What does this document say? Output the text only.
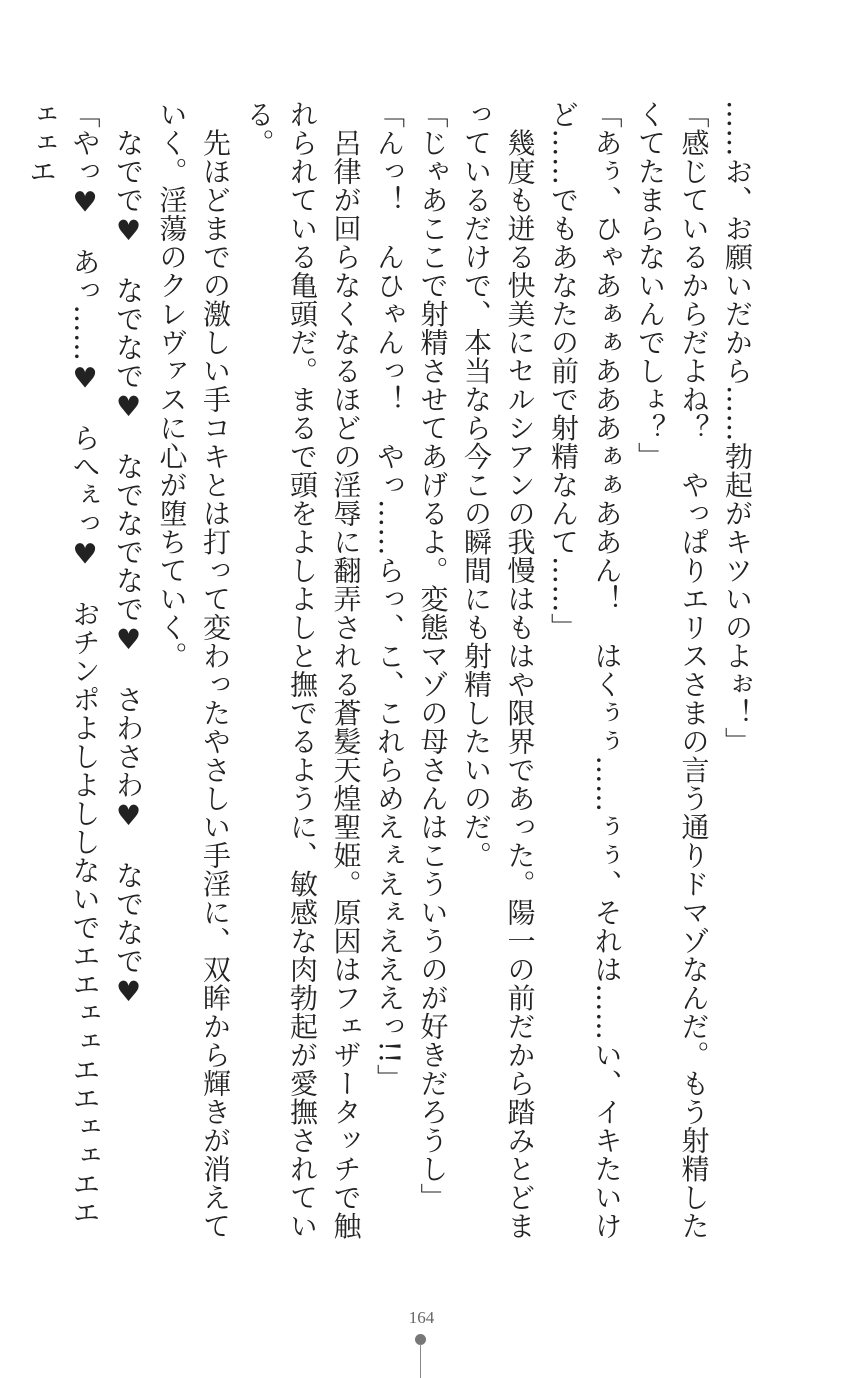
……お、お願いだから……勃起がキツいのよぉ！」

「感じているからだよね？　やっぱりエリスさまの言う通りドマゾなんだ。もう射精したくてたまらないんでしょ？」

「あぅ、ひゃあぁぁあああぁぁああん！　はくぅぅ……ぅぅ、それは……い、イキたいけど……でもあなたの前で射精なんて……」

　幾度も迸る快美にセルシアンの我慢はもはや限界であった。陽一の前だから踏みとどまっているだけで、本当なら今この瞬間にも射精したいのだ。

「じゃあここで射精させてあげるよ。変態マゾの母さんはこういうのが好きだろうし」

「んっ！　んひゃんっ！　やっ……らっ、こ、これらめえぇえぇえええっ!!」

　呂律が回らなくなるほどの淫辱に翻弄される蒼髪天煌聖姫。原因はフェザータッチで触れられている亀頭だ。まるで頭をよしよしと撫でるように、敏感な肉勃起が愛撫されている。

　先ほどまでの激しい手コキとは打って変わったやさしい手淫に、双眸から輝きが消えていく。淫蕩のクレヴァスに心が堕ちていく。

　なでで♥　なでなで♥　なでなでなで♥　さわさわ♥　なでなで♥

「やっ♥　あっ……♥　らへぇっ♥　おチンポよしよししないでエエェェエエェェエエェェエ

164
